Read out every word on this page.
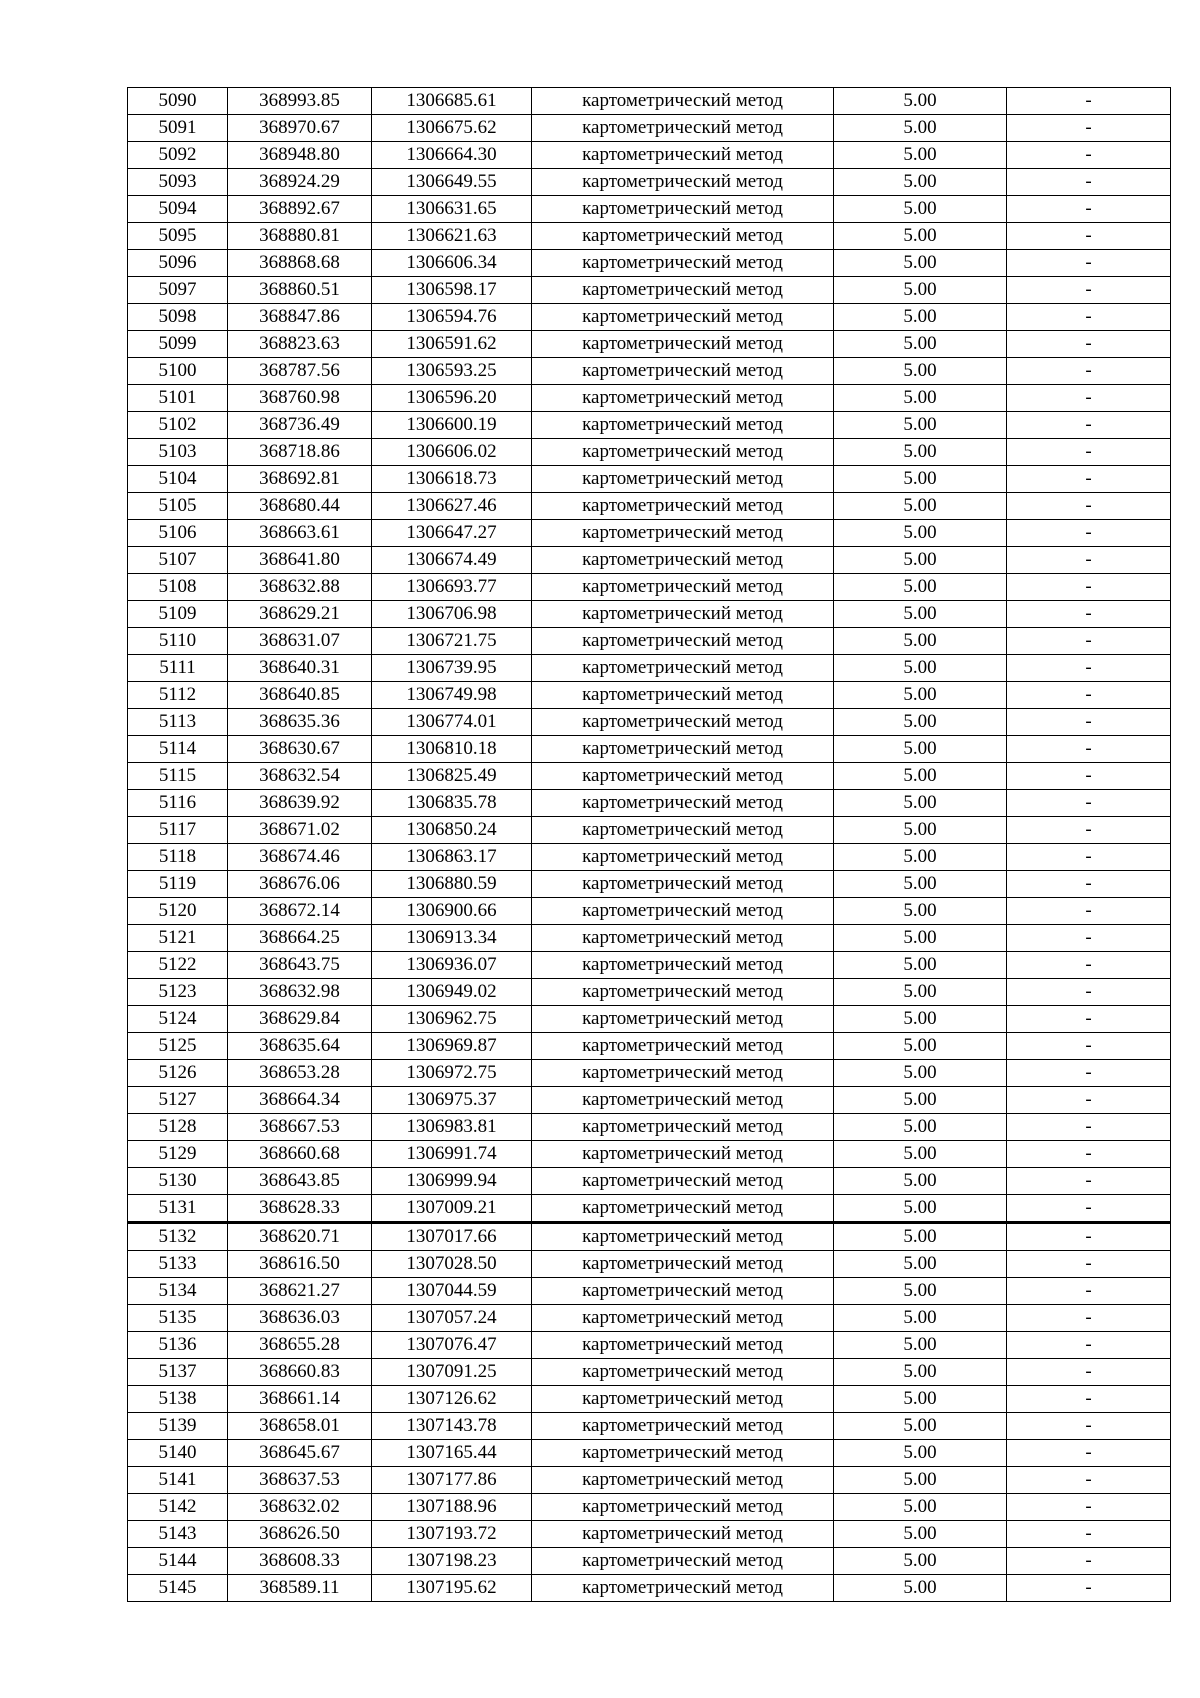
5090	368993.85	1306685.61	картометрический метод	5.00	-
5091	368970.67	1306675.62	картометрический метод	5.00	-
5092	368948.80	1306664.30	картометрический метод	5.00	-
5093	368924.29	1306649.55	картометрический метод	5.00	-
5094	368892.67	1306631.65	картометрический метод	5.00	-
5095	368880.81	1306621.63	картометрический метод	5.00	-
5096	368868.68	1306606.34	картометрический метод	5.00	-
5097	368860.51	1306598.17	картометрический метод	5.00	-
5098	368847.86	1306594.76	картометрический метод	5.00	-
5099	368823.63	1306591.62	картометрический метод	5.00	-
5100	368787.56	1306593.25	картометрический метод	5.00	-
5101	368760.98	1306596.20	картометрический метод	5.00	-
5102	368736.49	1306600.19	картометрический метод	5.00	-
5103	368718.86	1306606.02	картометрический метод	5.00	-
5104	368692.81	1306618.73	картометрический метод	5.00	-
5105	368680.44	1306627.46	картометрический метод	5.00	-
5106	368663.61	1306647.27	картометрический метод	5.00	-
5107	368641.80	1306674.49	картометрический метод	5.00	-
5108	368632.88	1306693.77	картометрический метод	5.00	-
5109	368629.21	1306706.98	картометрический метод	5.00	-
5110	368631.07	1306721.75	картометрический метод	5.00	-
5111	368640.31	1306739.95	картометрический метод	5.00	-
5112	368640.85	1306749.98	картометрический метод	5.00	-
5113	368635.36	1306774.01	картометрический метод	5.00	-
5114	368630.67	1306810.18	картометрический метод	5.00	-
5115	368632.54	1306825.49	картометрический метод	5.00	-
5116	368639.92	1306835.78	картометрический метод	5.00	-
5117	368671.02	1306850.24	картометрический метод	5.00	-
5118	368674.46	1306863.17	картометрический метод	5.00	-
5119	368676.06	1306880.59	картометрический метод	5.00	-
5120	368672.14	1306900.66	картометрический метод	5.00	-
5121	368664.25	1306913.34	картометрический метод	5.00	-
5122	368643.75	1306936.07	картометрический метод	5.00	-
5123	368632.98	1306949.02	картометрический метод	5.00	-
5124	368629.84	1306962.75	картометрический метод	5.00	-
5125	368635.64	1306969.87	картометрический метод	5.00	-
5126	368653.28	1306972.75	картометрический метод	5.00	-
5127	368664.34	1306975.37	картометрический метод	5.00	-
5128	368667.53	1306983.81	картометрический метод	5.00	-
5129	368660.68	1306991.74	картометрический метод	5.00	-
5130	368643.85	1306999.94	картометрический метод	5.00	-
5131	368628.33	1307009.21	картометрический метод	5.00	-
5132	368620.71	1307017.66	картометрический метод	5.00	-
5133	368616.50	1307028.50	картометрический метод	5.00	-
5134	368621.27	1307044.59	картометрический метод	5.00	-
5135	368636.03	1307057.24	картометрический метод	5.00	-
5136	368655.28	1307076.47	картометрический метод	5.00	-
5137	368660.83	1307091.25	картометрический метод	5.00	-
5138	368661.14	1307126.62	картометрический метод	5.00	-
5139	368658.01	1307143.78	картометрический метод	5.00	-
5140	368645.67	1307165.44	картометрический метод	5.00	-
5141	368637.53	1307177.86	картометрический метод	5.00	-
5142	368632.02	1307188.96	картометрический метод	5.00	-
5143	368626.50	1307193.72	картометрический метод	5.00	-
5144	368608.33	1307198.23	картометрический метод	5.00	-
5145	368589.11	1307195.62	картометрический метод	5.00	-
